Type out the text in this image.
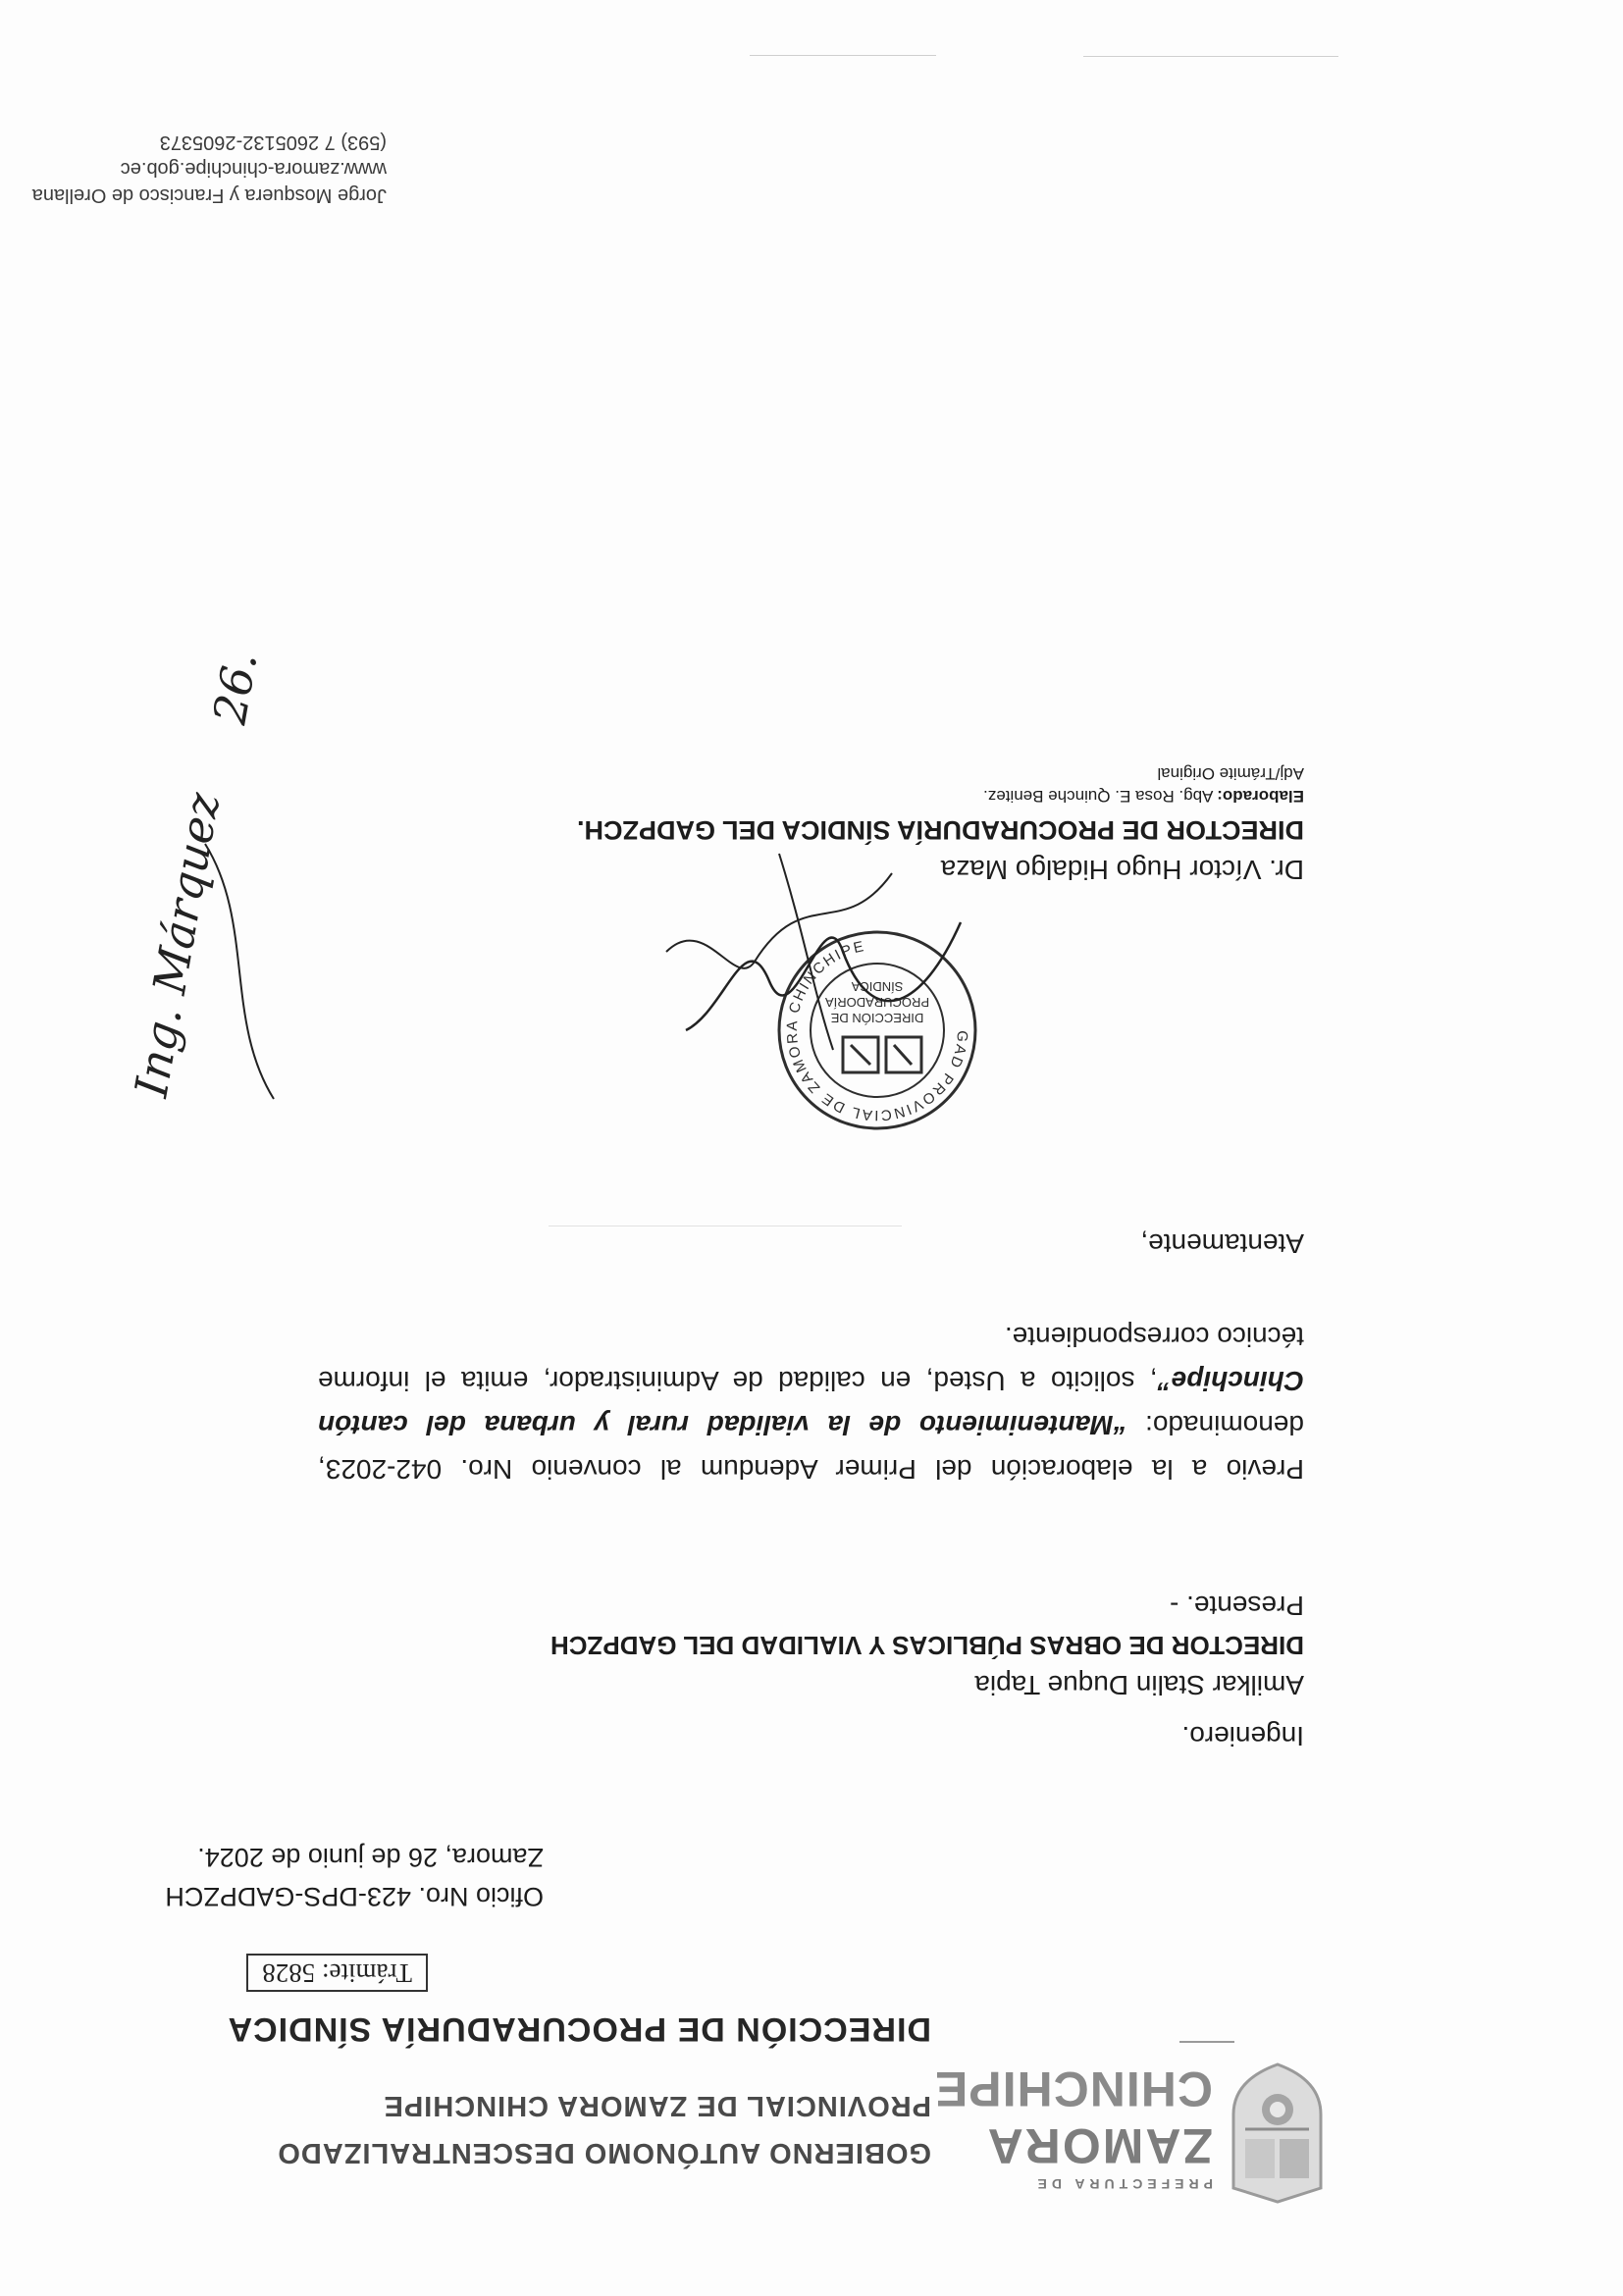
PREFECTURA DE
ZAMORA
CHINCHIPE
GOBIERNO AUTÓNOMO DESCENTRALIZADO
PROVINCIAL DE ZAMORA CHINCHIPE
DIRECCIÓN DE PROCURADURÍA SÍNDICA
Trámite: 5828
Oficio Nro. 423-DPS-GADPZCH
Zamora, 26 de junio de 2024.
Ingeniero.
Amilkar Stalin Duque Tapia
DIRECTOR DE OBRAS PÚBLICAS Y VIALIDAD DEL GADPZCH
Presente. -
Previo a la elaboración del Primer Adendum al convenio Nro. 042-2023, denominado: “Mantenimiento de la vialidad rural y urbana del cantón Chinchipe”, solicito a Usted, en calidad de Administrador, emita el informe técnico correspondiente.
Atentamente,
GAD PROVINCIAL DE ZAMORA CHINCHIPE
DIRECCIÓN DE
PROCURADORÍA
SÍNDICA
Dr. Víctor Hugo Hidalgo Maza
DIRECTOR DE PROCURADURÍA SÍNDICA DEL GADPZCH.
Elaborado: Abg. Rosa E. Quinche Benitez.
Adj/Trámite Original
Ing. Márquez
26.
Jorge Mosquera y Francisco de Orellana
www.zamora-chinchipe.gob.ec
(593) 7 2605132-2605373
